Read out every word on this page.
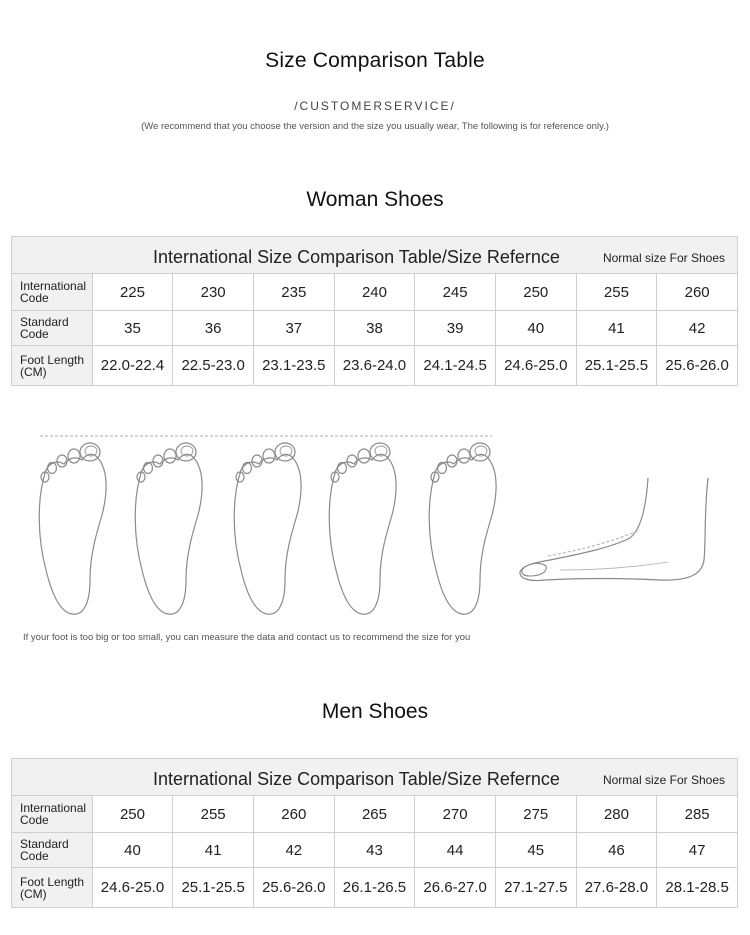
Size Comparison Table
/CUSTOMERSERVICE/
(We recommend that you choose the version and the size you usually wear, The following is for reference only.)
Woman Shoes
International Size Comparison Table/Size Refernce Normal size For Shoes								

International
Code	225	230	235	240	245	250	255	260
Standard
Code	35	36	37	38	39	40	41	42
Foot Length
(CM)	22.0-22.4	22.5-23.0	23.1-23.5	23.6-24.0	24.1-24.5	24.6-25.0	25.1-25.5	25.6-26.0
If your foot is too big or too small, you can measure the data and contact us to recommend the size for you
Men Shoes
International Size Comparison Table/Size Refernce Normal size For Shoes								

International
Code	250	255	260	265	270	275	280	285
Standard
Code	40	41	42	43	44	45	46	47
Foot Length
(CM)	24.6-25.0	25.1-25.5	25.6-26.0	26.1-26.5	26.6-27.0	27.1-27.5	27.6-28.0	28.1-28.5
